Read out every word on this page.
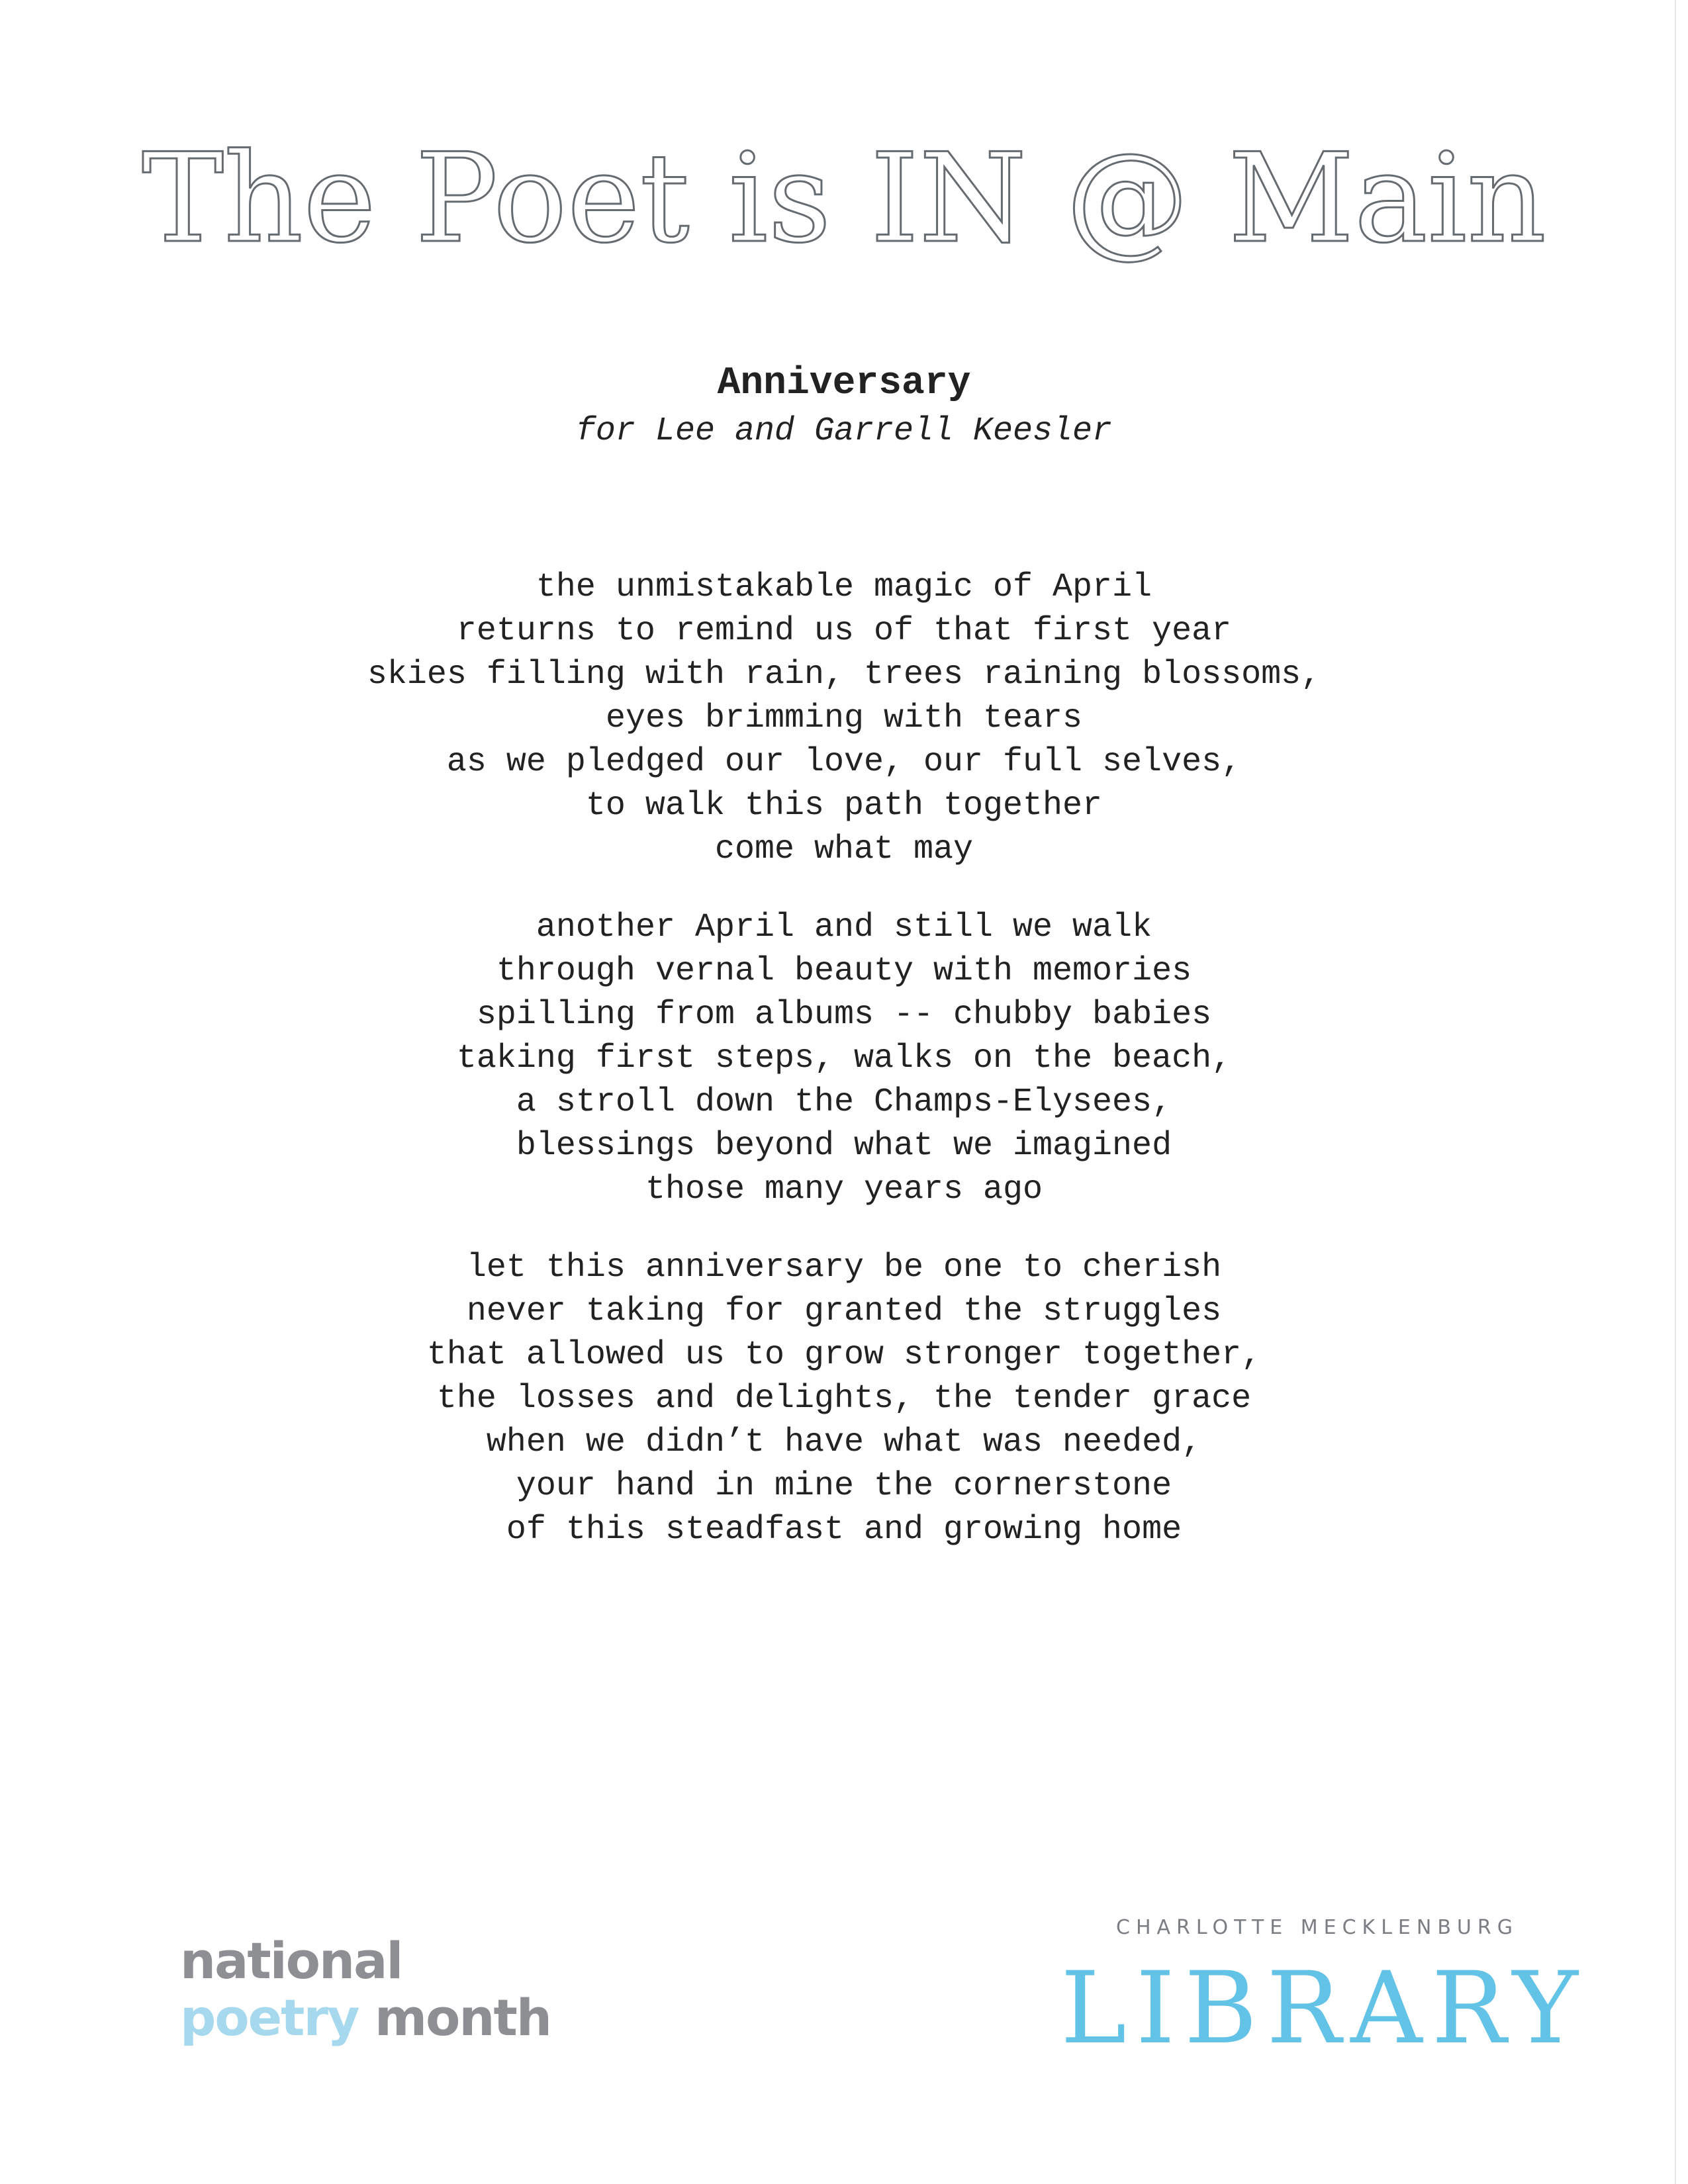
The Poet is IN @ Main
Anniversary
for Lee and Garrell Keesler
the unmistakable magic of April
returns to remind us of that first year
skies filling with rain, trees raining blossoms,
eyes brimming with tears
as we pledged our love, our full selves,
to walk this path together
come what may
another April and still we walk
through vernal beauty with memories
spilling from albums -- chubby babies
taking first steps, walks on the beach,
a stroll down the Champs-Elysees,
blessings beyond what we imagined
those many years ago
let this anniversary be one to cherish
never taking for granted the struggles
that allowed us to grow stronger together,
the losses and delights, the tender grace
when we didn’t have what was needed,
your hand in mine the cornerstone
of this steadfast and growing home
national
poetry month
CHARLOTTE MECKLENBURG
LIBRARY
